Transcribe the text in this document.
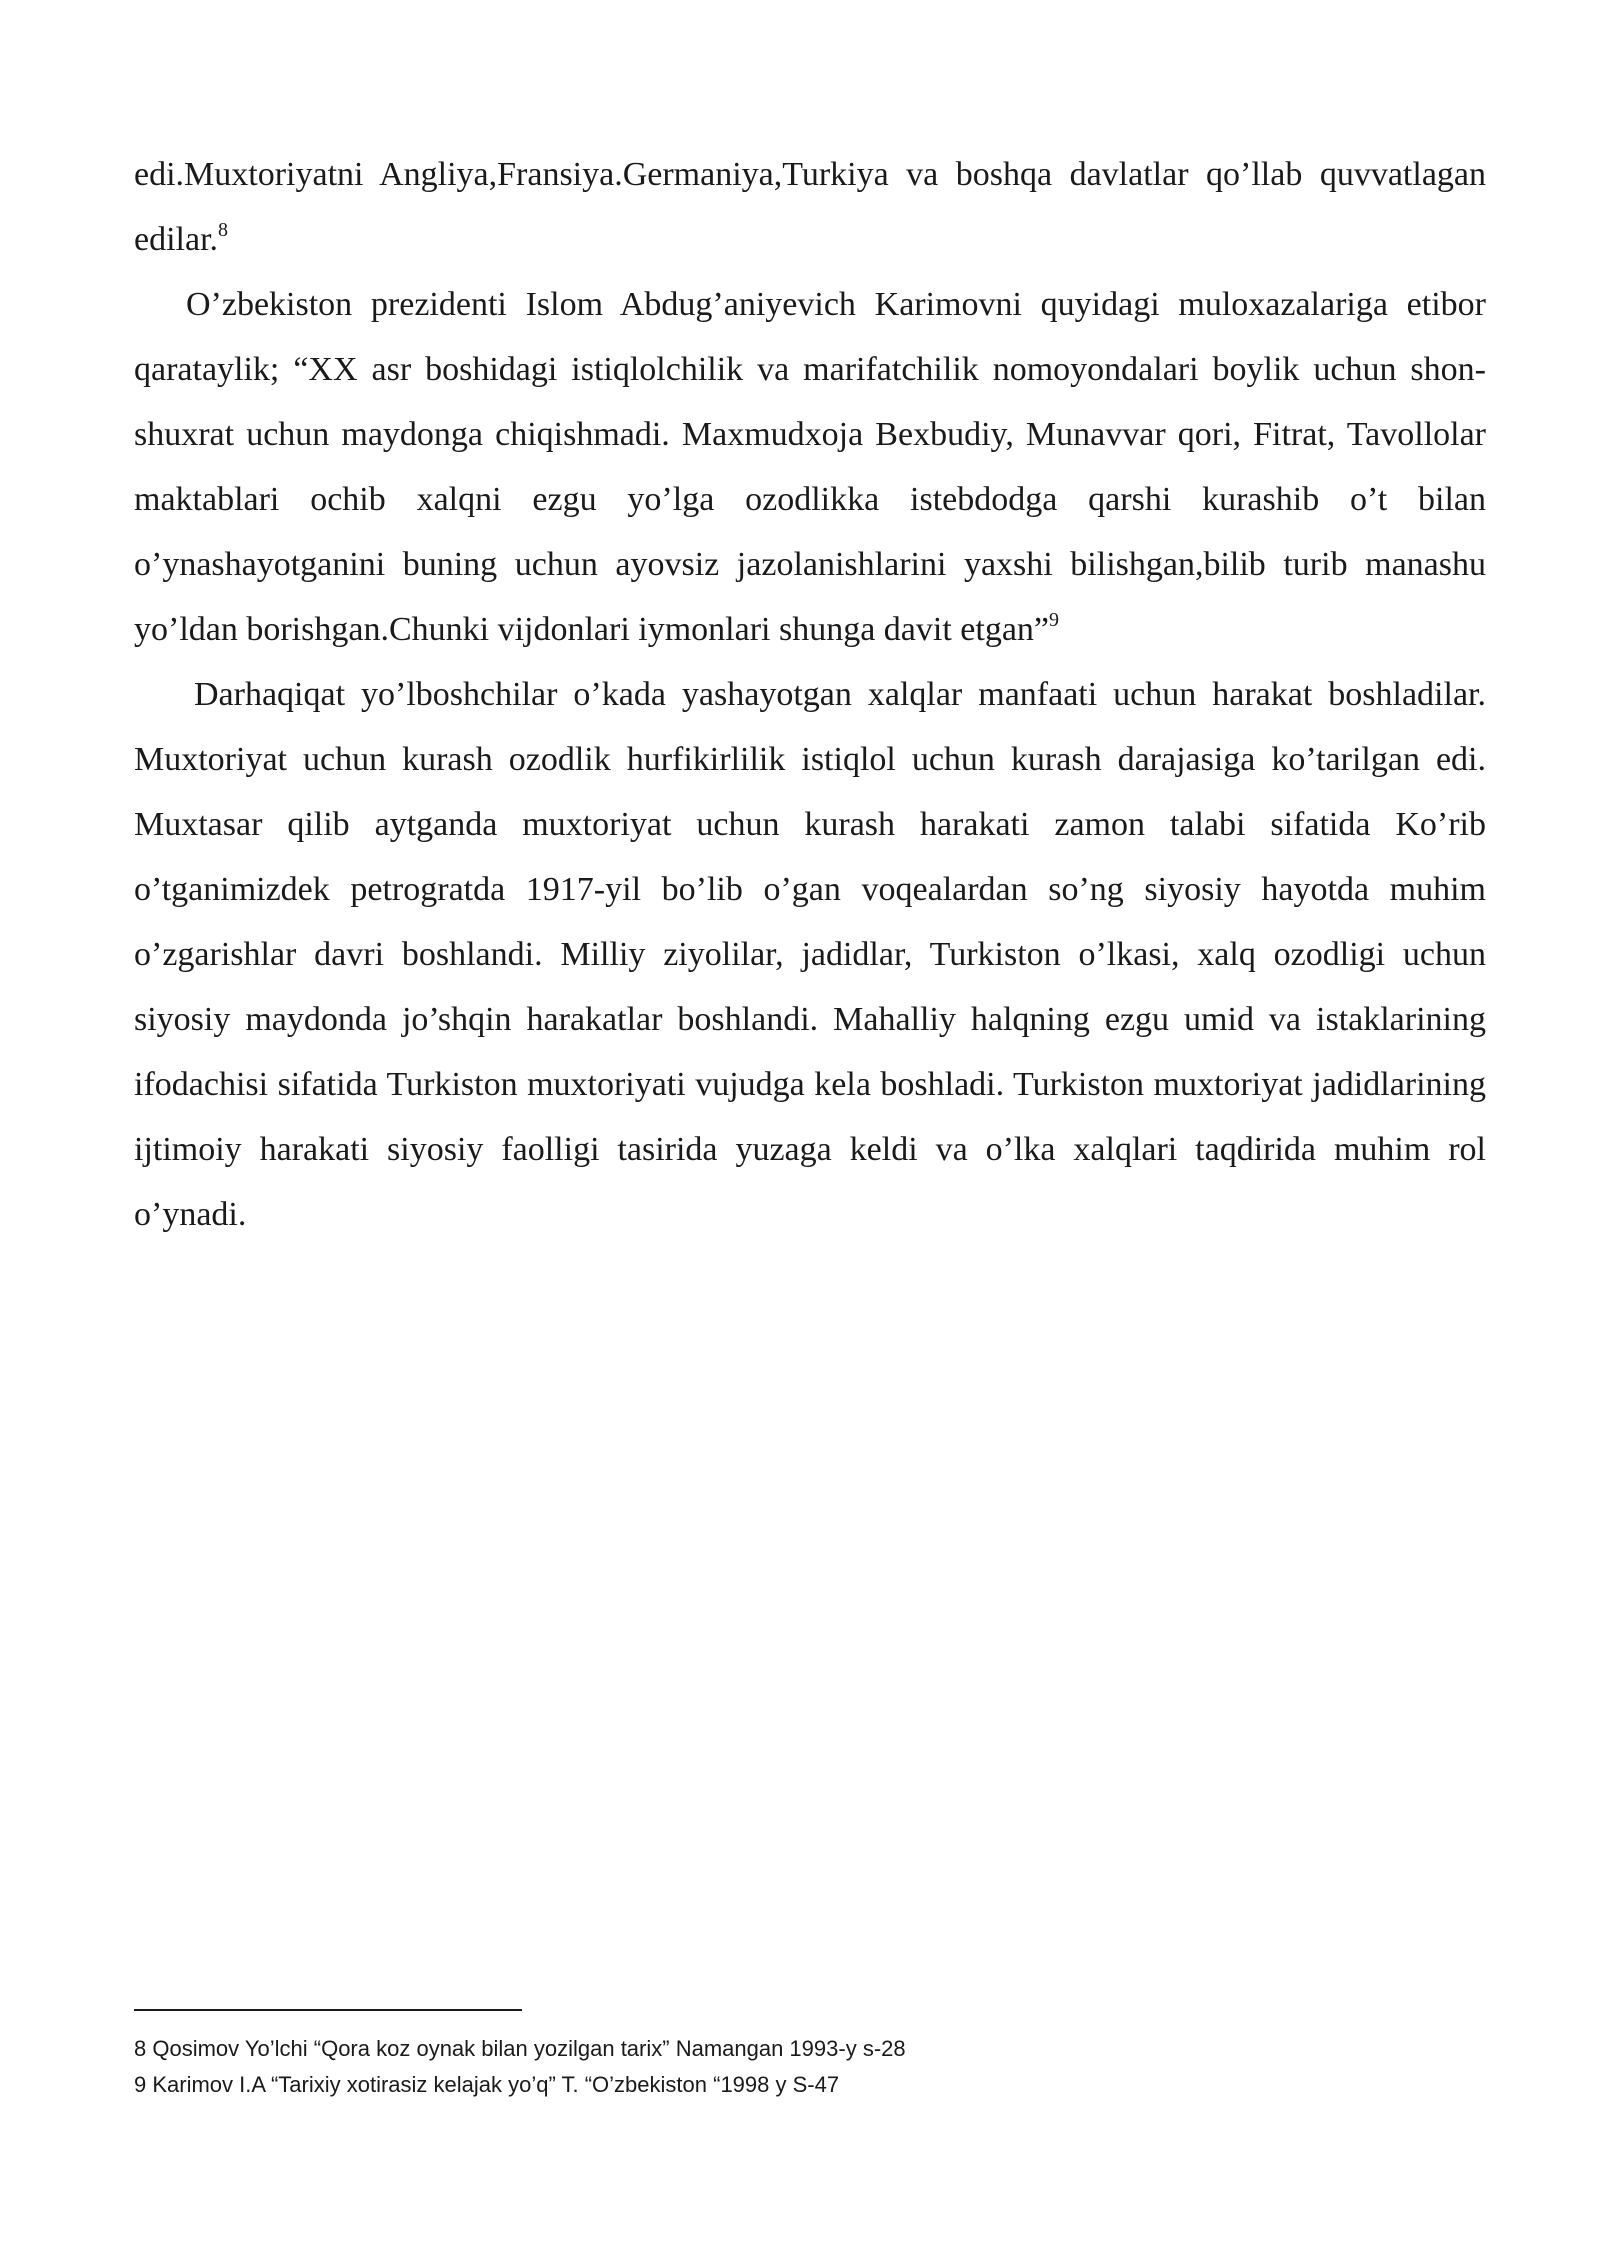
edi.Muxtoriyatni Angliya,Fransiya.Germaniya,Turkiya va boshqa davlatlar qo’llab quvvatlagan edilar.$^8$

O’zbekiston prezidenti Islom Abdug’aniyevich Karimovni quyidagi muloxazalariga etibor qarataylik; “XX asr boshidagi istiqlolchilik va marifatchilik nomoyondalari boylik uchun shon-shuxrat uchun maydonga chiqishmadi. Maxmudxoja Bexbudiy, Munavvar qori, Fitrat, Tavollolar maktablari ochib xalqni ezgu yo’lga ozodlikka istebdodga qarshi kurashib o’t bilan o’ynashayotganini buning uchun ayovsiz jazolanishlarini yaxshi bilishgan,bilib turib manashu yo’ldan borishgan.Chunki vijdonlari iymonlari shunga davit etgan”$^9$

Darhaqiqat yo’lboshchilar o’kada yashayotgan xalqlar manfaati uchun harakat boshladilar. Muxtoriyat uchun kurash ozodlik hurfikirlilik istiqlol uchun kurash darajasiga ko’tarilgan edi. Muxtasar qilib aytganda muxtoriyat uchun kurash harakati zamon talabi sifatida Ko’rib o’tganimizdek petrogratda 1917-yil bo’lib o’gan voqealardan so’ng siyosiy hayotda muhim o’zgarishlar davri boshlandi. Milliy ziyolilar, jadidlar, Turkiston o’lkasi, xalq ozodligi uchun siyosiy maydonda jo’shqin harakatlar boshlandi. Mahalliy halqning ezgu umid va istaklarining ifodachisi sifatida Turkiston muxtoriyati vujudga kela boshladi. Turkiston muxtoriyat jadidlarining ijtimoiy harakati siyosiy faolligi tasirida yuzaga keldi va o’lka xalqlari taqdirida muhim rol o’ynadi.

8 Qosimov Yo’lchi “Qora koz oynak bilan yozilgan tarix” Namangan 1993-y s-28

9 Karimov I.A “Tarixiy xotirasiz kelajak yo’q” T. “O’zbekiston “1998 y S-47
